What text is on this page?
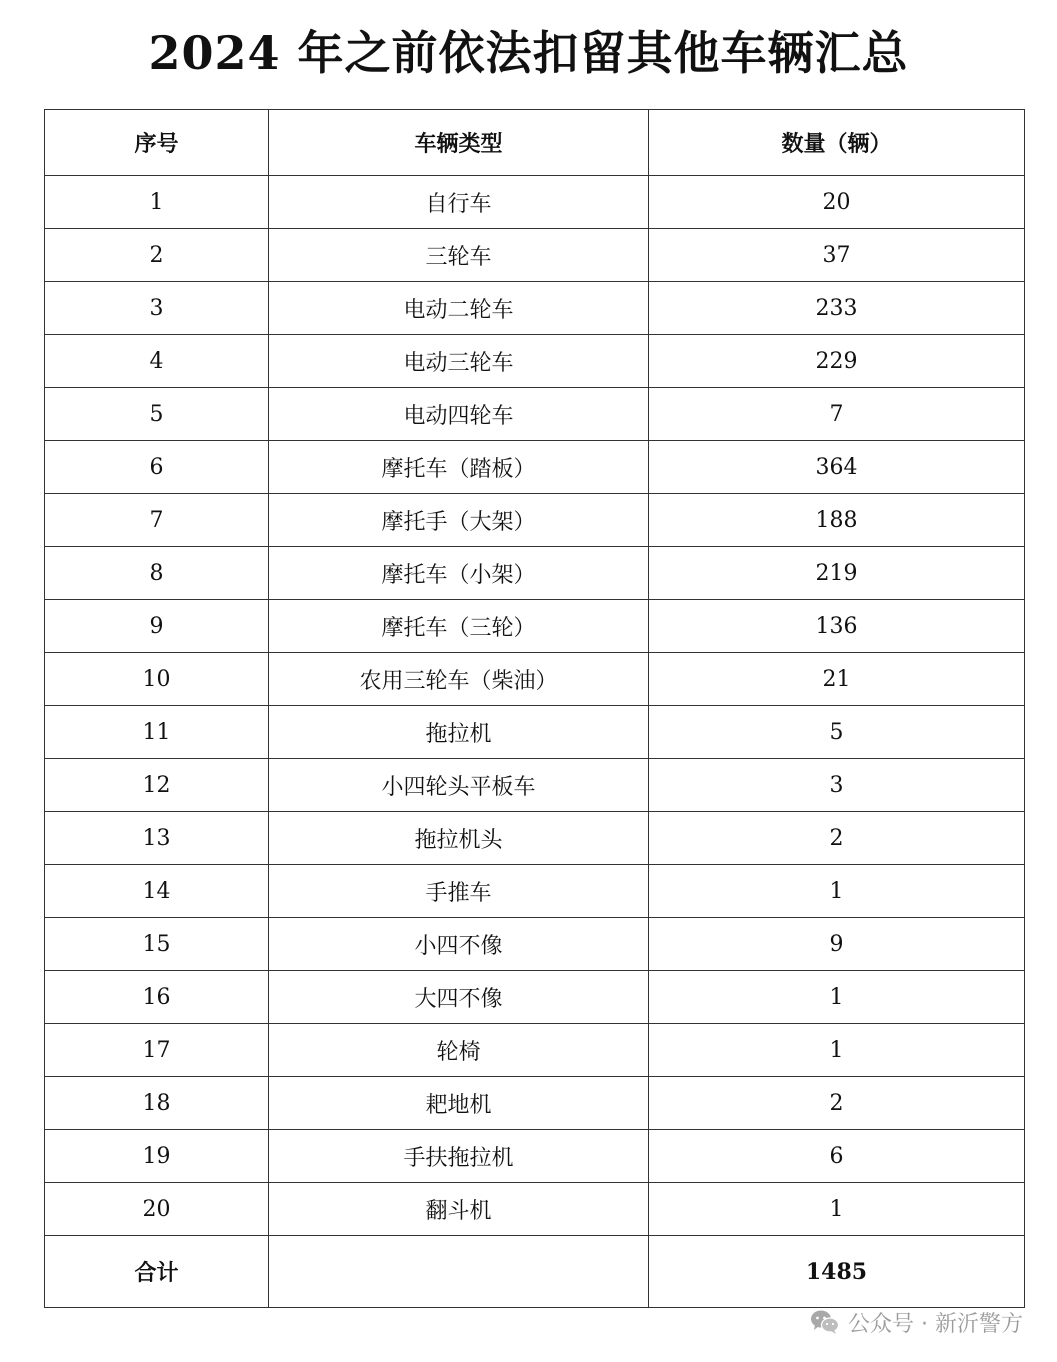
2024 年之前依法扣留其他车辆汇总
序号	车辆类型	数量（辆）
1	自行车	20
2	三轮车	37
3	电动二轮车	233
4	电动三轮车	229
5	电动四轮车	7
6	摩托车（踏板）	364
7	摩托手（大架）	188
8	摩托车（小架）	219
9	摩托车（三轮）	136
10	农用三轮车（柴油）	21
11	拖拉机	5
12	小四轮头平板车	3
13	拖拉机头	2
14	手推车	1
15	小四不像	9
16	大四不像	1
17	轮椅	1
18	耙地机	2
19	手扶拖拉机	6
20	翻斗机	1
合计		1485
公众号 · 新沂警方
